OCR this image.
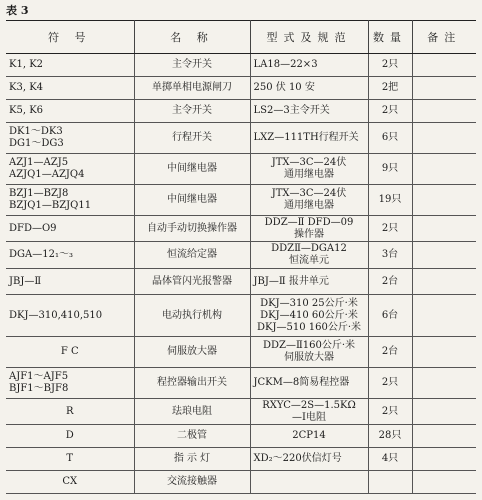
表 3
符 号	名 称	型式及规范	数量	备注

K1, K2	主令开关	LA18—22×3	2只	

K3, K4	单掷单相电源闸刀	250 伏 10 安	2把	

K5, K6	主令开关	LS2—3主令开关	2只	

DK1～DK3
DG1～DG3	行程开关	LXZ—111TH行程开关	6只	

AZJ1—AZJ5
AZJQ1—AZJQ4	中间继电器	JTX—3C—24伏
通用继电器	9只	

BZJ1—BZJ8
BZJQ1—BZJQ11	中间继电器	JTX—3C—24伏
通用继电器	19只	

DFD—O9	自动手动切换操作器	DDZ—Ⅱ DFD—09
操作器	2只	

DGA—12₁～₃	恒流给定器	DDZⅡ—DGA12
恒流单元	3台	

JBJ—Ⅱ	晶体管闪光报警器	JBJ—Ⅱ 报井单元	2台	

DKJ—310,410,510	电动执行机构	DKJ—310 25公斤·米
DKJ—410 60公斤·米
DKJ—510 160公斤·米	6台	

F C	伺服放大器	DDZ—Ⅱ160公斤·米
伺服放大器	2台	

AJF1～AJF5
BJF1～BJF8	程控器输出开关	JCKM—8简易程控器	2只	

R	珐琅电阻	RXYC—2S—1.5KΩ
—Ⅰ电阻	2只	

D	二极管	2CP14	28只	

T	指 示 灯	XD₂～220伏信灯号	4只	

CX	交流接触器	
